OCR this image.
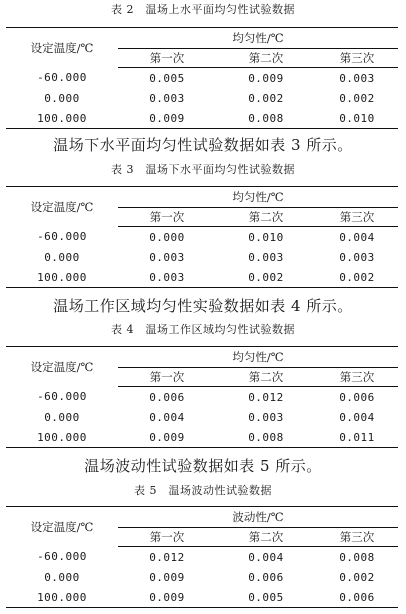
表 2　温场上水平面均匀性试验数据
设定温度/℃	均匀性/℃		
	第一次	第二次	第三次
-60.000	0.005	0.009	0.003
0.000	0.003	0.002	0.002
100.000	0.009	0.008	0.010
温场下水平面均匀性试验数据如表 3 所示。
表 3　温场下水平面均匀性试验数据
设定温度/℃	均匀性/℃		
	第一次	第二次	第三次
-60.000	0.000	0.010	0.004
0.000	0.003	0.003	0.003
100.000	0.003	0.002	0.002
温场工作区域均匀性实验数据如表 4 所示。
表 4　温场工作区域均匀性试验数据
设定温度/℃	均匀性/℃		
	第一次	第二次	第三次
-60.000	0.006	0.012	0.006
0.000	0.004	0.003	0.004
100.000	0.009	0.008	0.011
温场波动性试验数据如表 5 所示。
表 5　温场波动性试验数据
设定温度/℃	波动性/℃		
	第一次	第二次	第三次
-60.000	0.012	0.004	0.008
0.000	0.009	0.006	0.002
100.000	0.009	0.005	0.006
